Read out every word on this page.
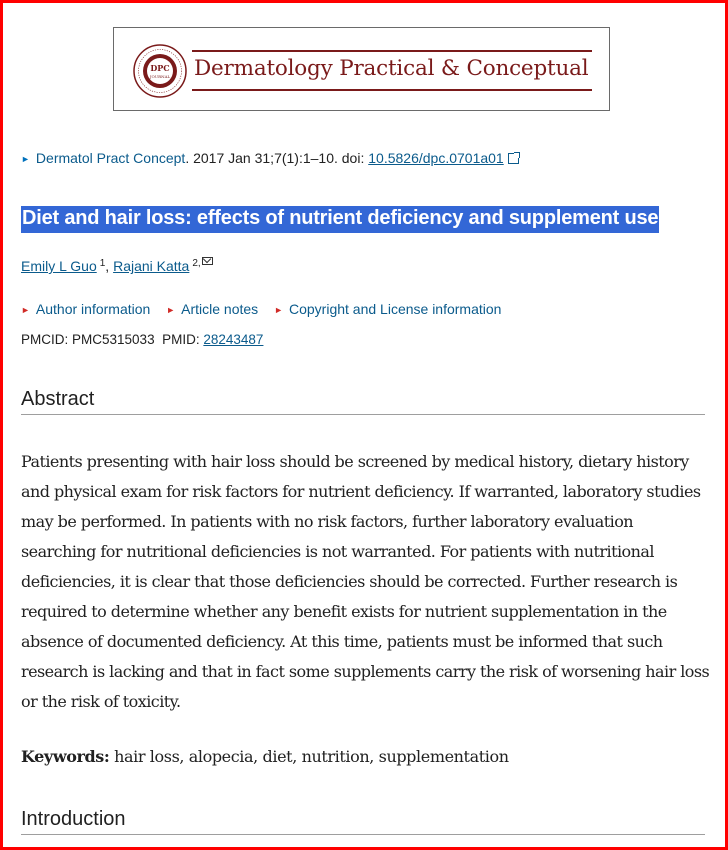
DPC
JOURNAL Dermatology Practical & Conceptual
► Dermatol Pract Concept. 2017 Jan 31;7(1):1–10. doi: 10.5826/dpc.0701a01
Diet and hair loss: effects of nutrient deficiency and supplement use
Emily L Guo $^1$, Rajani Katta $^{2,}$
► Author information ► Article notes ► Copyright and License information
PMCID: PMC5315033 PMID: 28243487
Abstract

Patients presenting with hair loss should be screened by medical history, dietary history and physical exam for risk factors for nutrient deficiency. If warranted, laboratory studies may be performed. In patients with no risk factors, further laboratory evaluation searching for nutritional deficiencies is not warranted. For patients with nutritional deficiencies, it is clear that those deficiencies should be corrected. Further research is required to determine whether any benefit exists for nutrient supplementation in the absence of documented deficiency. At this time, patients must be informed that such research is lacking and that in fact some supplements carry the risk of worsening hair loss or the risk of toxicity.

Keywords: hair loss, alopecia, diet, nutrition, supplementation

Introduction
